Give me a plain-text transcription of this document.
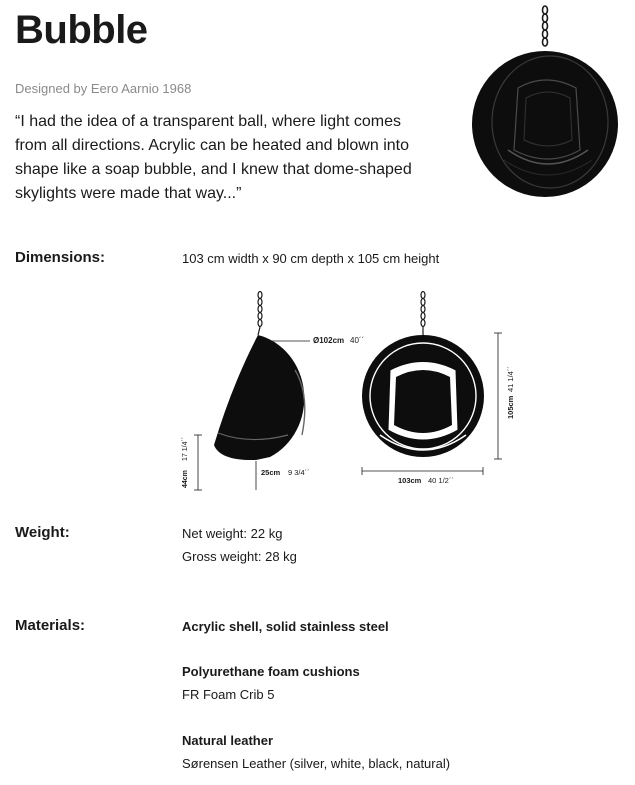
Bubble
Designed by Eero Aarnio 1968
“I had the idea of a transparent ball, where light comes from all directions. Acrylic can be heated and blown into shape like a soap bubble, and I knew that dome-shaped skylights were made that way...”
Dimensions:	103 cm width x 90 cm depth x 105 cm height
Ø102cm 40´´
44cm
17 1/4´´
25cm 9 3/4´´
103cm 40 1/2´´
105cm
41 1/4´´
Weight:	Net weight: 22 kg
Gross weight: 28 kg
Materials:	Acrylic shell, solid stainless steel
Polyurethane foam cushions
FR Foam Crib 5
Natural leather
Sørensen Leather (silver, white, black, natural)
